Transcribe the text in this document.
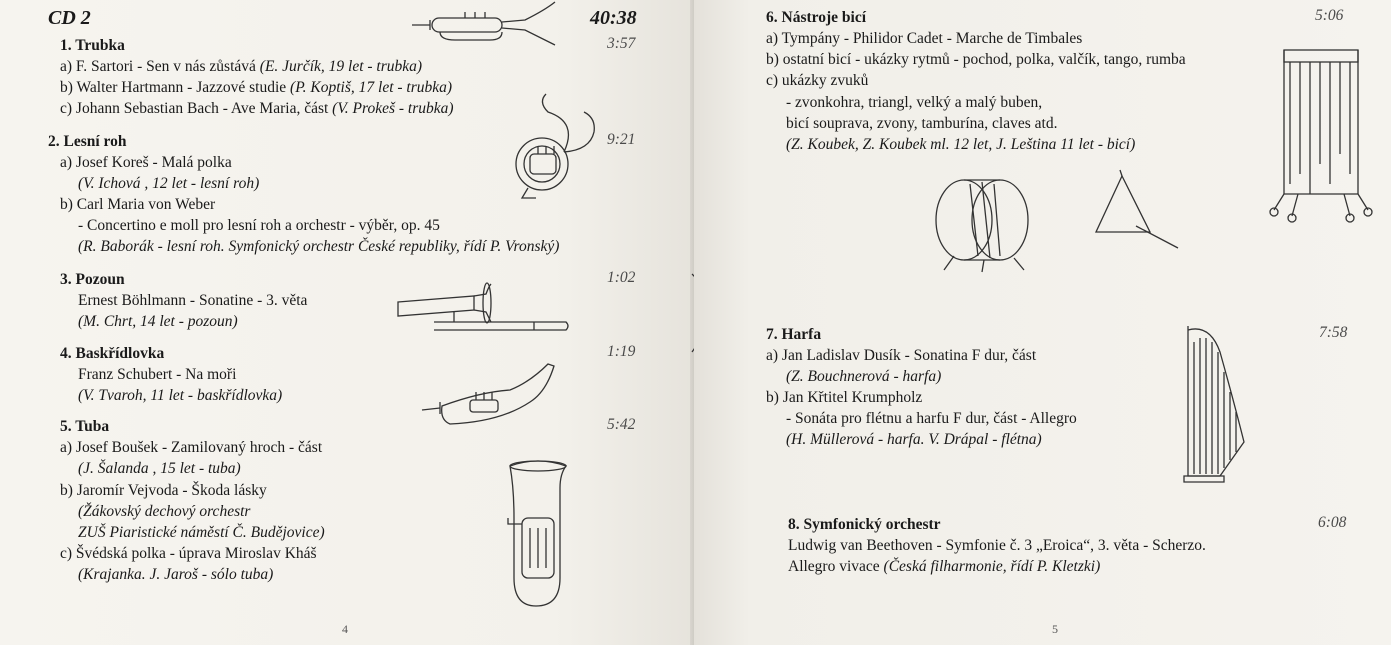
CD 2	40:38
1. Trubka	3:57
a) F. Sartori - Sen v nás zůstává (E. Jurčík, 19 let - trubka)
b) Walter Hartmann - Jazzové studie (P. Koptiš, 17 let - trubka)
c) Johann Sebastian Bach - Ave Maria, část (V. Prokeš - trubka)
2. Lesní roh	9:21
a) Josef Koreš - Malá polka
(V. Ichová , 12 let - lesní roh)
b) Carl Maria von Weber
- Concertino e moll pro lesní roh a orchestr - výběr, op. 45
(R. Baborák - lesní roh. Symfonický orchestr České republiky, řídí P. Vronský)
3. Pozoun	1:02
Ernest Böhlmann - Sonatine - 3. věta
(M. Chrt, 14 let - pozoun)
4. Baskřídlovka	1:19
Franz Schubert - Na moři
(V. Tvaroh, 11 let - baskřídlovka)
5. Tuba	5:42
a) Josef Boušek - Zamilovaný hroch - část
(J. Šalanda , 15 let - tuba)
b) Jaromír Vejvoda - Škoda lásky
(Žákovský dechový orchestr
ZUŠ Piaristické náměstí Č. Budějovice)
c) Švédská polka - úprava Miroslav Kháš
(Krajanka. J. Jaroš - sólo tuba)
4
6. Nástroje bicí	5:06
a) Tympány - Philidor Cadet - Marche de Timbales
b) ostatní bicí - ukázky rytmů - pochod, polka, valčík, tango, rumba
c) ukázky zvuků
- zvonkohra, triangl, velký a malý buben,
bicí souprava, zvony, tamburína, claves atd.
(Z. Koubek, Z. Koubek ml. 12 let, J. Leština 11 let - bicí)
7. Harfa	7:58
a) Jan Ladislav Dusík - Sonatina F dur, část
(Z. Bouchnerová - harfa)
b) Jan Křtitel Krumpholz
- Sonáta pro flétnu a harfu F dur, část - Allegro
(H. Müllerová - harfa. V. Drápal - flétna)
8. Symfonický orchestr	6:08
Ludwig van Beethoven - Symfonie č. 3 „Eroica“, 3. věta - Scherzo.
Allegro vivace (Česká filharmonie, řídí P. Kletzki)
5
